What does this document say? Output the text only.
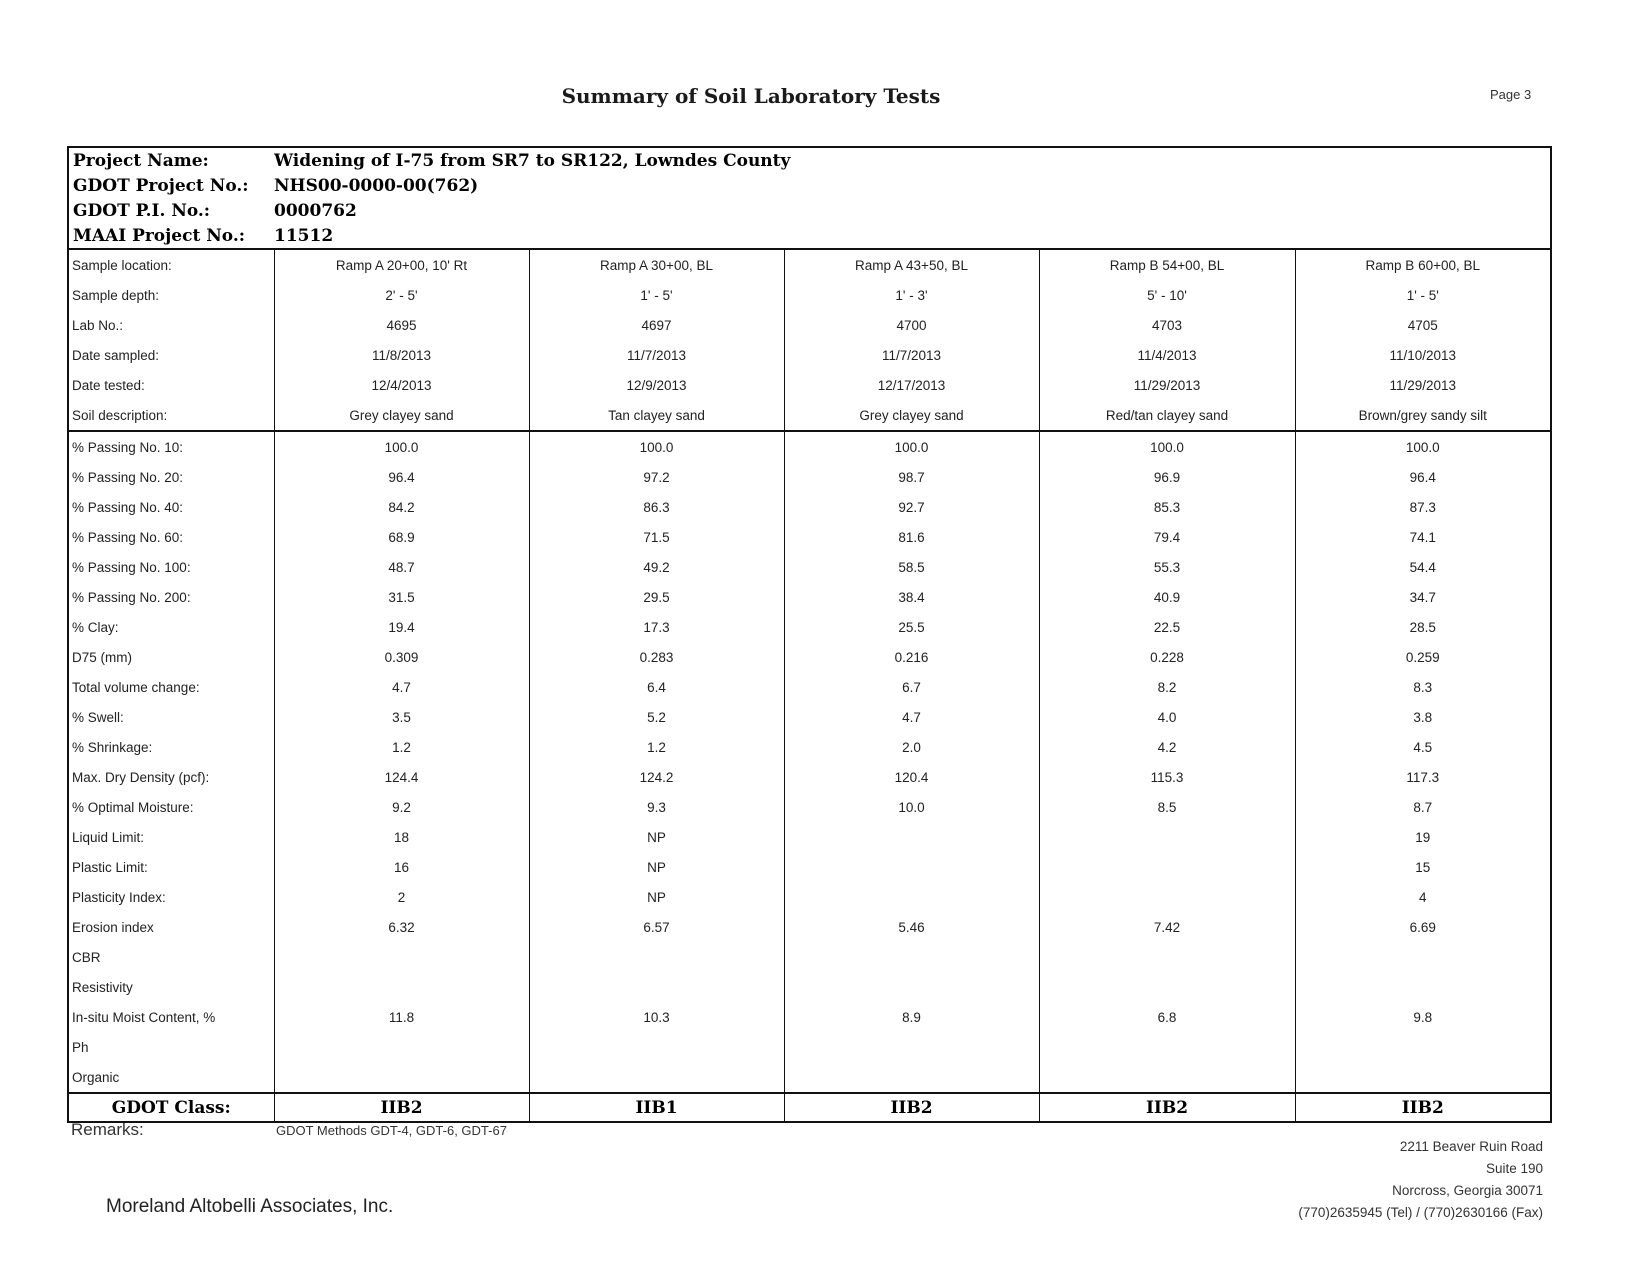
Summary of Soil Laboratory Tests	Page 3
Project Name:	Widening of I-75 from SR7 to SR122, Lowndes County				
GDOT Project No.:	NHS00-0000-00(762)				
GDOT P.I. No.:	0000762				
MAAI Project No.:	11512				
Sample location:	Ramp A 20+00, 10' Rt	Ramp A 30+00, BL	Ramp A 43+50, BL	Ramp B 54+00, BL	Ramp B 60+00, BL
Sample depth:	2' - 5'	1' - 5'	1' - 3'	5' - 10'	1' - 5'
Lab No.:	4695	4697	4700	4703	4705
Date sampled:	11/8/2013	11/7/2013	11/7/2013	11/4/2013	11/10/2013
Date tested:	12/4/2013	12/9/2013	12/17/2013	11/29/2013	11/29/2013
Soil description:	Grey clayey sand	Tan clayey sand	Grey clayey sand	Red/tan clayey sand	Brown/grey sandy silt
% Passing No. 10:	100.0	100.0	100.0	100.0	100.0
% Passing No. 20:	96.4	97.2	98.7	96.9	96.4
% Passing No. 40:	84.2	86.3	92.7	85.3	87.3
% Passing No. 60:	68.9	71.5	81.6	79.4	74.1
% Passing No. 100:	48.7	49.2	58.5	55.3	54.4
% Passing No. 200:	31.5	29.5	38.4	40.9	34.7
% Clay:	19.4	17.3	25.5	22.5	28.5
D75 (mm)	0.309	0.283	0.216	0.228	0.259
Total volume change:	4.7	6.4	6.7	8.2	8.3
% Swell:	3.5	5.2	4.7	4.0	3.8
% Shrinkage:	1.2	1.2	2.0	4.2	4.5
Max. Dry Density (pcf):	124.4	124.2	120.4	115.3	117.3
% Optimal Moisture:	9.2	9.3	10.0	8.5	8.7
Liquid Limit:	18	NP			19
Plastic Limit:	16	NP			15
Plasticity Index:	2	NP			4
Erosion index	6.32	6.57	5.46	7.42	6.69
CBR					
Resistivity					
In-situ Moist Content, %	11.8	10.3	8.9	6.8	9.8
Ph					
Organic					
GDOT Class:	IIB2	IIB1	IIB2	IIB2	IIB2
Remarks:	GDOT Methods GDT-4, GDT-6, GDT-67
Moreland Altobelli Associates, Inc.
2211 Beaver Ruin Road
Suite 190
Norcross, Georgia 30071
(770)2635945 (Tel) / (770)2630166 (Fax)
